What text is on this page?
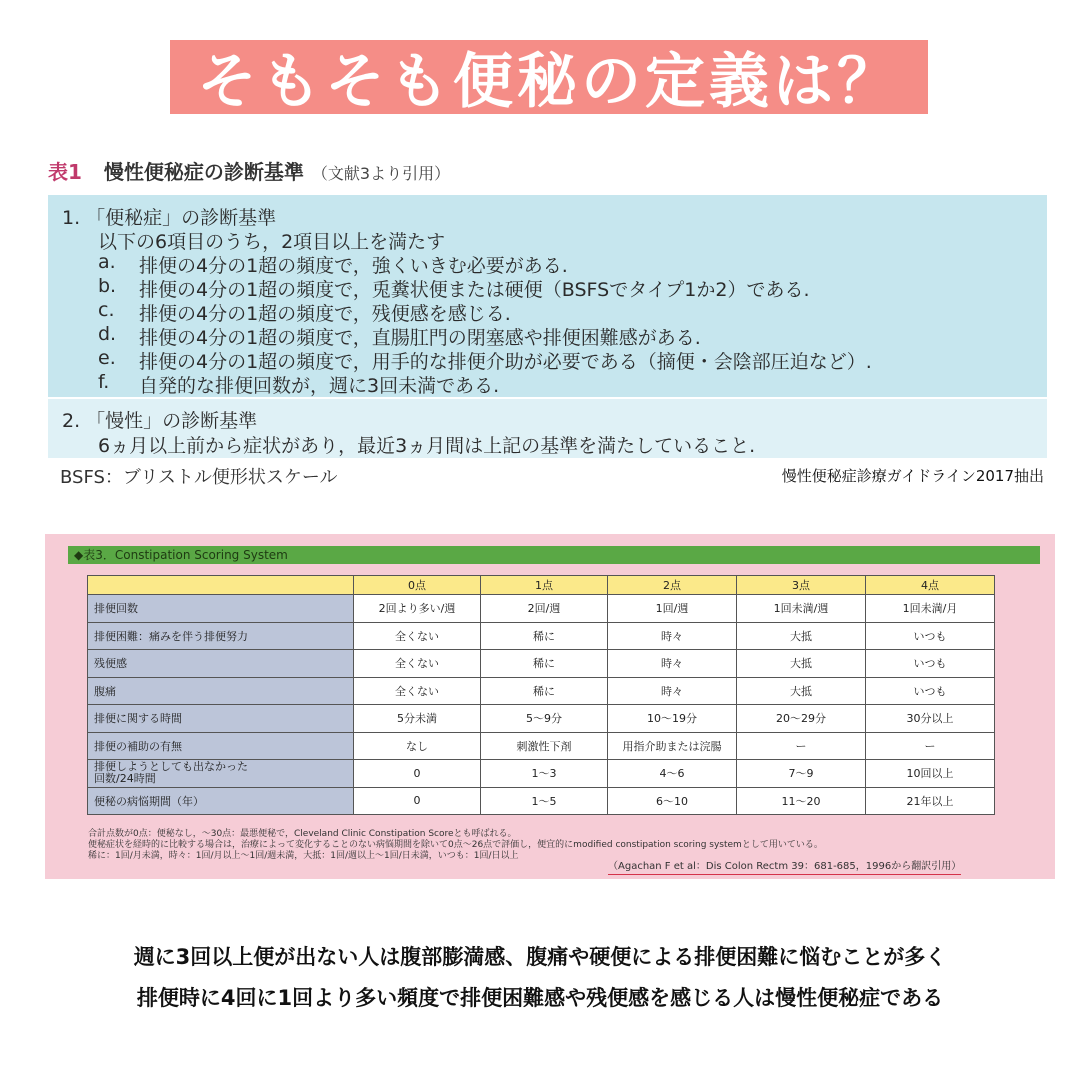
そもそも便秘の定義は？
表1 慢性便秘症の診断基準 （文献3より引用）
1. 「便秘症」の診断基準
以下の6項目のうち，2項目以上を満たす
a. 排便の4分の1超の頻度で，強くいきむ必要がある.
b. 排便の4分の1超の頻度で，兎糞状便または硬便（BSFSでタイプ1か2）である.
c. 排便の4分の1超の頻度で，残便感を感じる.
d. 排便の4分の1超の頻度で，直腸肛門の閉塞感や排便困難感がある.
e. 排便の4分の1超の頻度で，用手的な排便介助が必要である（摘便・会陰部圧迫など）.
f. 自発的な排便回数が，週に3回未満である.
2. 「慢性」の診断基準
6ヵ月以上前から症状があり，最近3ヵ月間は上記の基準を満たしていること.
BSFS：ブリストル便形状スケール	慢性便秘症診療ガイドライン2017抽出
◆表3．Constipation Scoring System
	0点	1点	2点	3点	4点
排便回数	2回より多い/週	2回/週	1回/週	1回未満/週	1回未満/月
排便困難：痛みを伴う排便努力	全くない	稀に	時々	大抵	いつも
残便感	全くない	稀に	時々	大抵	いつも
腹痛	全くない	稀に	時々	大抵	いつも
排便に関する時間	5分未満	5〜9分	10〜19分	20〜29分	30分以上
排便の補助の有無	なし	刺激性下剤	用指介助または浣腸	ー	ー
排便しようとしても出なかった
回数/24時間	0	1〜3	4〜6	7〜9	10回以上
便秘の病悩期間（年）	0	1〜5	6〜10	11〜20	21年以上
合計点数が0点：便秘なし，〜30点：最悪便秘で，Cleveland Clinic Constipation Scoreとも呼ばれる。
便秘症状を経時的に比較する場合は，治療によって変化することのない病悩期間を除いて0点〜26点で評価し，便宜的にmodified constipation scoring systemとして用いている。
稀に：1回/月未満，時々：1回/月以上〜1回/週未満，大抵：1回/週以上〜1回/日未満，いつも：1回/日以上
（Agachan F et al：Dis Colon Rectm 39：681-685，1996から翻訳引用）
週に3回以上便が出ない人は腹部膨満感、腹痛や硬便による排便困難に悩むことが多く
排便時に4回に1回より多い頻度で排便困難感や残便感を感じる人は慢性便秘症である
